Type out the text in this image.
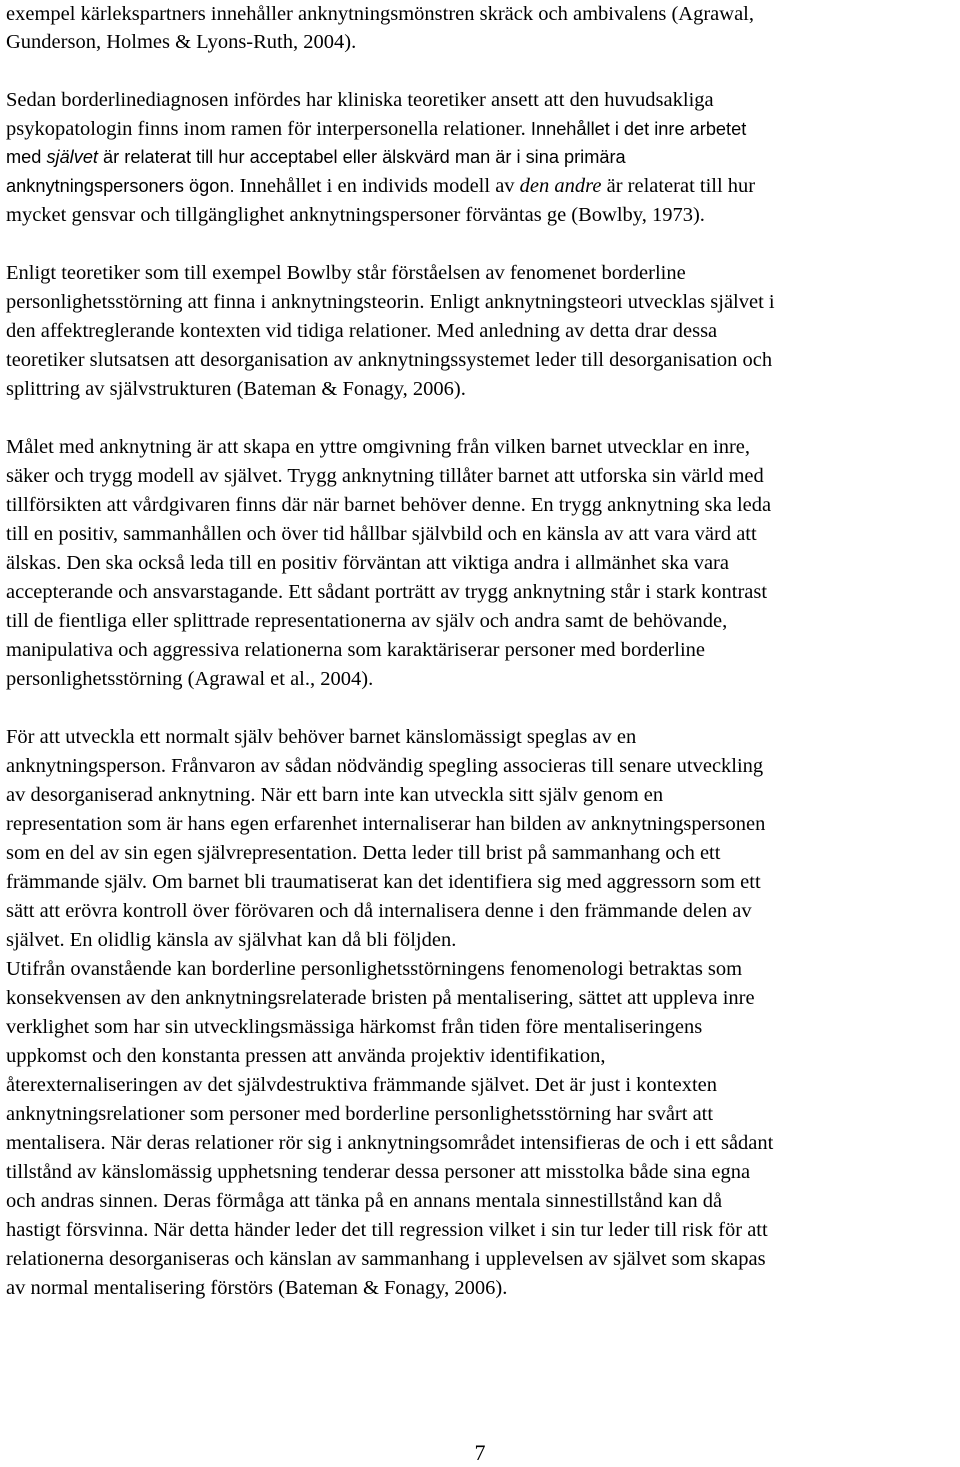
exempel kärlekspartners innehåller anknytningsmönstren skräck och ambivalens (Agrawal,
Gunderson, Holmes & Lyons-Ruth, 2004).
Sedan borderlinediagnosen infördes har kliniska teoretiker ansett att den huvudsakliga
psykopatologin finns inom ramen för interpersonella relationer. Innehållet i det inre arbetet
med självet är relaterat till hur acceptabel eller älskvärd man är i sina primära
anknytningspersoners ögon. Innehållet i en individs modell av den andre är relaterat till hur
mycket gensvar och tillgänglighet anknytningspersoner förväntas ge (Bowlby, 1973).
Enligt teoretiker som till exempel Bowlby står förståelsen av fenomenet borderline
personlighetsstörning att finna i anknytningsteorin. Enligt anknytningsteori utvecklas självet i
den affektreglerande kontexten vid tidiga relationer. Med anledning av detta drar dessa
teoretiker slutsatsen att desorganisation av anknytningssystemet leder till desorganisation och
splittring av självstrukturen (Bateman & Fonagy, 2006).
Målet med anknytning är att skapa en yttre omgivning från vilken barnet utvecklar en inre,
säker och trygg modell av självet. Trygg anknytning tillåter barnet att utforska sin värld med
tillförsikten att vårdgivaren finns där när barnet behöver denne. En trygg anknytning ska leda
till en positiv, sammanhållen och över tid hållbar självbild och en känsla av att vara värd att
älskas. Den ska också leda till en positiv förväntan att viktiga andra i allmänhet ska vara
accepterande och ansvarstagande. Ett sådant porträtt av trygg anknytning står i stark kontrast
till de fientliga eller splittrade representationerna av själv och andra samt de behövande,
manipulativa och aggressiva relationerna som karaktäriserar personer med borderline
personlighetsstörning (Agrawal et al., 2004).
För att utveckla ett normalt själv behöver barnet känslomässigt speglas av en
anknytningsperson. Frånvaron av sådan nödvändig spegling associeras till senare utveckling
av desorganiserad anknytning. När ett barn inte kan utveckla sitt själv genom en
representation som är hans egen erfarenhet internaliserar han bilden av anknytningspersonen
som en del av sin egen självrepresentation. Detta leder till brist på sammanhang och ett
främmande själv. Om barnet bli traumatiserat kan det identifiera sig med aggressorn som ett
sätt att erövra kontroll över förövaren och då internalisera denne i den främmande delen av
självet. En olidlig känsla av självhat kan då bli följden.
Utifrån ovanstående kan borderline personlighetsstörningens fenomenologi betraktas som
konsekvensen av den anknytningsrelaterade bristen på mentalisering, sättet att uppleva inre
verklighet som har sin utvecklingsmässiga härkomst från tiden före mentaliseringens
uppkomst och den konstanta pressen att använda projektiv identifikation,
återexternaliseringen av det självdestruktiva främmande självet. Det är just i kontexten
anknytningsrelationer som personer med borderline personlighetsstörning har svårt att
mentalisera. När deras relationer rör sig i anknytningsområdet intensifieras de och i ett sådant
tillstånd av känslomässig upphetsning tenderar dessa personer att misstolka både sina egna
och andras sinnen. Deras förmåga att tänka på en annans mentala sinnestillstånd kan då
hastigt försvinna. När detta händer leder det till regression vilket i sin tur leder till risk för att
relationerna desorganiseras och känslan av sammanhang i upplevelsen av självet som skapas
av normal mentalisering förstörs (Bateman & Fonagy, 2006).
7
